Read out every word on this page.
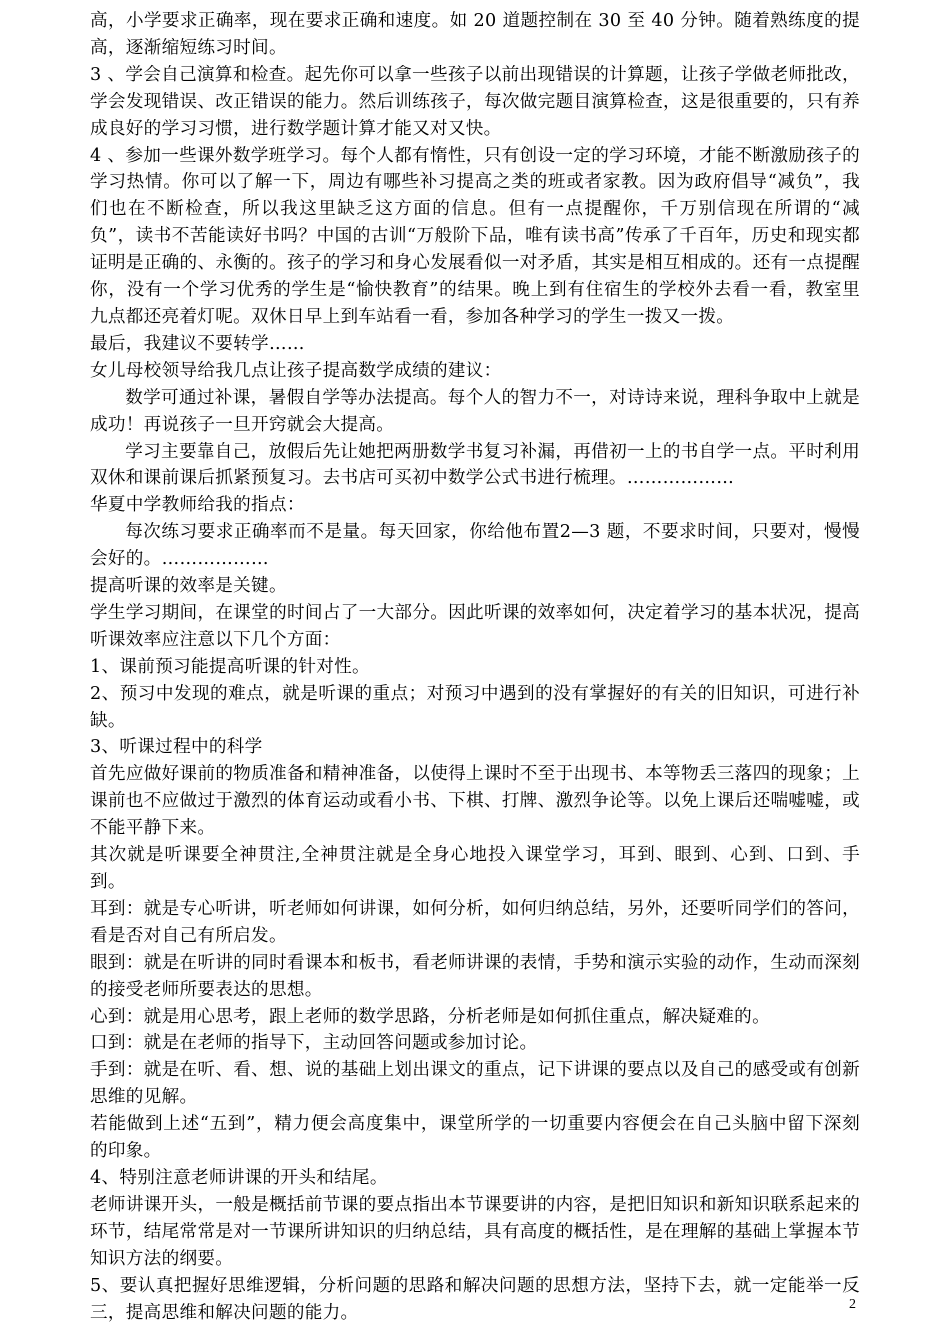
高，小学要求正确率，现在要求正确和速度。如 20 道题控制在 30 至 40 分钟。随着熟练度的提高，逐渐缩短练习时间。

3 、学会自己演算和检查。起先你可以拿一些孩子以前出现错误的计算题，让孩子学做老师批改，学会发现错误、改正错误的能力。然后训练孩子，每次做完题目演算检查，这是很重要的，只有养成良好的学习习惯，进行数学题计算才能又对又快。

4 、参加一些课外数学班学习。每个人都有惰性，只有创设一定的学习环境，才能不断激励孩子的学习热情。你可以了解一下，周边有哪些补习提高之类的班或者家教。因为政府倡导“减负”，我们也在不断检查，所以我这里缺乏这方面的信息。但有一点提醒你，千万别信现在所谓的“减负”，读书不苦能读好书吗？中国的古训“万般阶下品，唯有读书高”传承了千百年，历史和现实都证明是正确的、永衡的。孩子的学习和身心发展看似一对矛盾，其实是相互相成的。还有一点提醒你，没有一个学习优秀的学生是“愉快教育”的结果。晚上到有住宿生的学校外去看一看，教室里九点都还亮着灯呢。双休日早上到车站看一看，参加各种学习的学生一拨又一拨。

最后，我建议不要转学……

女儿母校领导给我几点让孩子提高数学成绩的建议：

数学可通过补课，暑假自学等办法提高。每个人的智力不一，对诗诗来说，理科争取中上就是成功！再说孩子一旦开窍就会大提高。

学习主要靠自己，放假后先让她把两册数学书复习补漏，再借初一上的书自学一点。平时利用双休和课前课后抓紧预复习。去书店可买初中数学公式书进行梳理。………………

华夏中学教师给我的指点：

每次练习要求正确率而不是量。每天回家，你给他布置2—3 题，不要求时间，只要对，慢慢会好的。………………

提高听课的效率是关键。

学生学习期间，在课堂的时间占了一大部分。因此听课的效率如何，决定着学习的基本状况，提高听课效率应注意以下几个方面：

1、课前预习能提高听课的针对性。

2、预习中发现的难点，就是听课的重点；对预习中遇到的没有掌握好的有关的旧知识，可进行补缺。

3、听课过程中的科学

首先应做好课前的物质准备和精神准备，以使得上课时不至于出现书、本等物丢三落四的现象；上课前也不应做过于激烈的体育运动或看小书、下棋、打牌、激烈争论等。以免上课后还喘嘘嘘，或不能平静下来。

其次就是听课要全神贯注,全神贯注就是全身心地投入课堂学习，耳到、眼到、心到、口到、手到。

耳到：就是专心听讲，听老师如何讲课，如何分析，如何归纳总结，另外，还要听同学们的答问，看是否对自己有所启发。

眼到：就是在听讲的同时看课本和板书，看老师讲课的表情，手势和演示实验的动作，生动而深刻的接受老师所要表达的思想。

心到：就是用心思考，跟上老师的数学思路，分析老师是如何抓住重点，解决疑难的。

口到：就是在老师的指导下，主动回答问题或参加讨论。

手到：就是在听、看、想、说的基础上划出课文的重点，记下讲课的要点以及自己的感受或有创新思维的见解。

若能做到上述“五到”，精力便会高度集中，课堂所学的一切重要内容便会在自己头脑中留下深刻的印象。

4、特别注意老师讲课的开头和结尾。

老师讲课开头，一般是概括前节课的要点指出本节课要讲的内容，是把旧知识和新知识联系起来的环节，结尾常常是对一节课所讲知识的归纳总结，具有高度的概括性，是在理解的基础上掌握本节知识方法的纲要。

5、要认真把握好思维逻辑，分析问题的思路和解决问题的思想方法，坚持下去，就一定能举一反三，提高思维和解决问题的能力。	2
